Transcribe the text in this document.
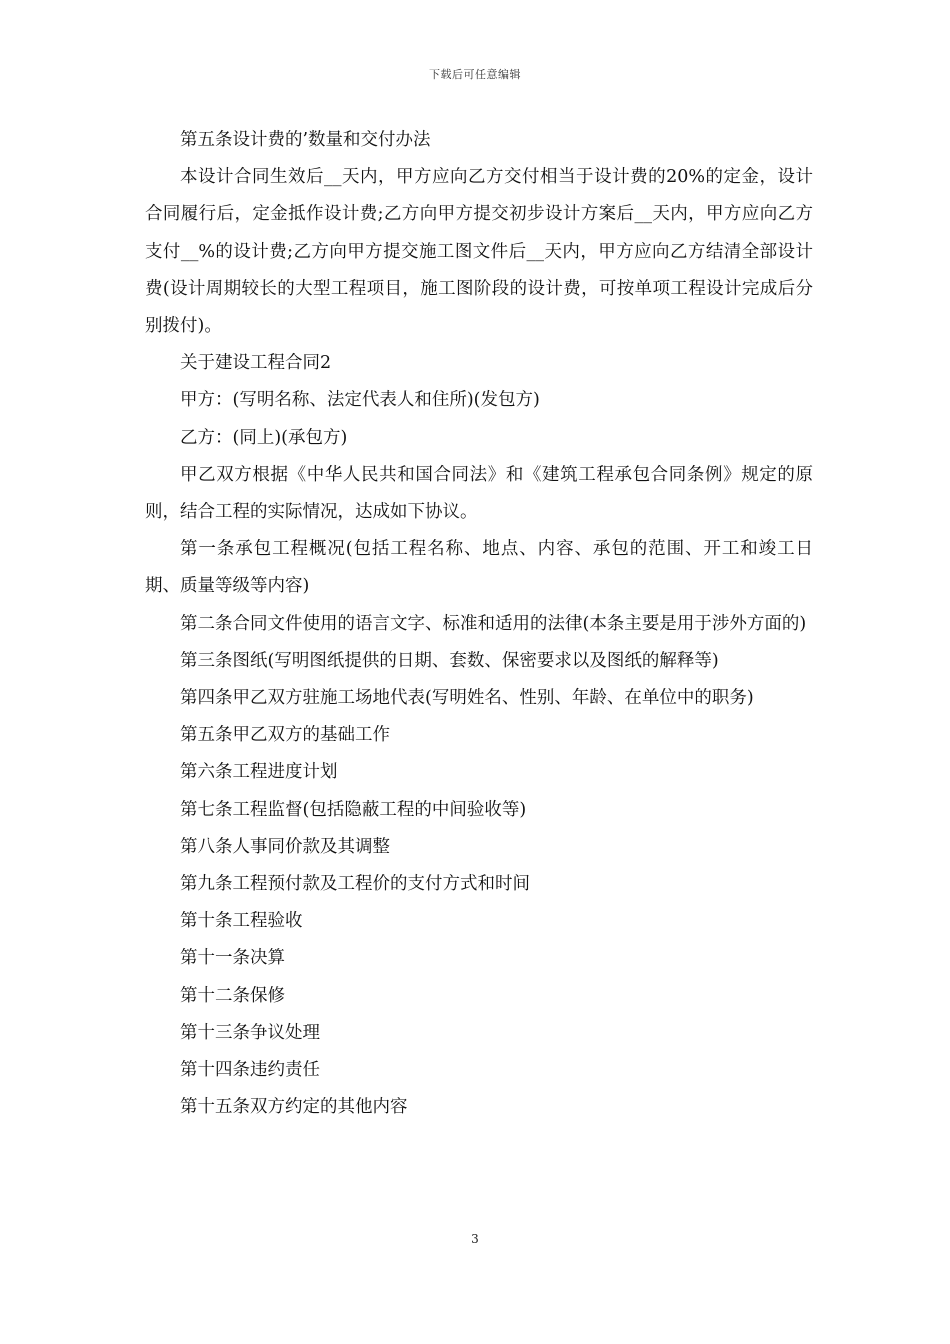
下载后可任意编辑

第五条设计费的’数量和交付办法

本设计合同生效后__天内，甲方应向乙方交付相当于设计费的20%的定金，设计合同履行后，定金抵作设计费;乙方向甲方提交初步设计方案后__天内，甲方应向乙方支付__%的设计费;乙方向甲方提交施工图文件后__天内，甲方应向乙方结清全部设计费(设计周期较长的大型工程项目，施工图阶段的设计费，可按单项工程设计完成后分别拨付)。

关于建设工程合同2

甲方：(写明名称、法定代表人和住所)(发包方)

乙方：(同上)(承包方)

甲乙双方根据《中华人民共和国合同法》和《建筑工程承包合同条例》规定的原则，结合工程的实际情况，达成如下协议。

第一条承包工程概况(包括工程名称、地点、内容、承包的范围、开工和竣工日期、质量等级等内容)

第二条合同文件使用的语言文字、标准和适用的法律(本条主要是用于涉外方面的)

第三条图纸(写明图纸提供的日期、套数、保密要求以及图纸的解释等)

第四条甲乙双方驻施工场地代表(写明姓名、性别、年龄、在单位中的职务)

第五条甲乙双方的基础工作

第六条工程进度计划

第七条工程监督(包括隐蔽工程的中间验收等)

第八条人事同价款及其调整

第九条工程预付款及工程价的支付方式和时间

第十条工程验收

第十一条决算

第十二条保修

第十三条争议处理

第十四条违约责任

第十五条双方约定的其他内容

3
